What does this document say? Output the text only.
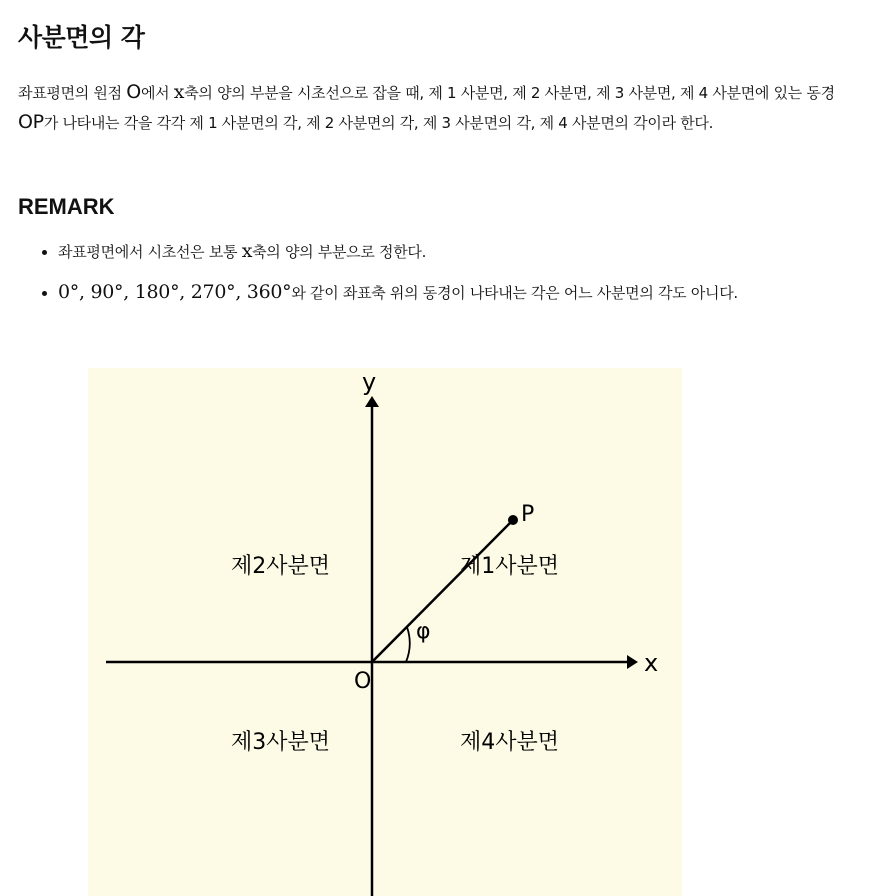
사분면의 각

좌표평면의 원점 O에서 x축의 양의 부분을 시초선으로 잡을 때, 제 1 사분면, 제 2 사분면, 제 3 사분면, 제 4 사분면에 있는 동경 OP가 나타내는 각을 각각 제 1 사분면의 각, 제 2 사분면의 각, 제 3 사분면의 각, 제 4 사분면의 각이라 한다.

REMARK
• 좌표평면에서 시초선은 보통 x축의 양의 부분으로 정한다.
• 0°, 90°, 180°, 270°, 360°와 같이 좌표축 위의 동경이 나타내는 각은 어느 사분면의 각도 아니다.
y
x
O
P
φ
제1사분면
제2사분면
제3사분면	제4사분면
